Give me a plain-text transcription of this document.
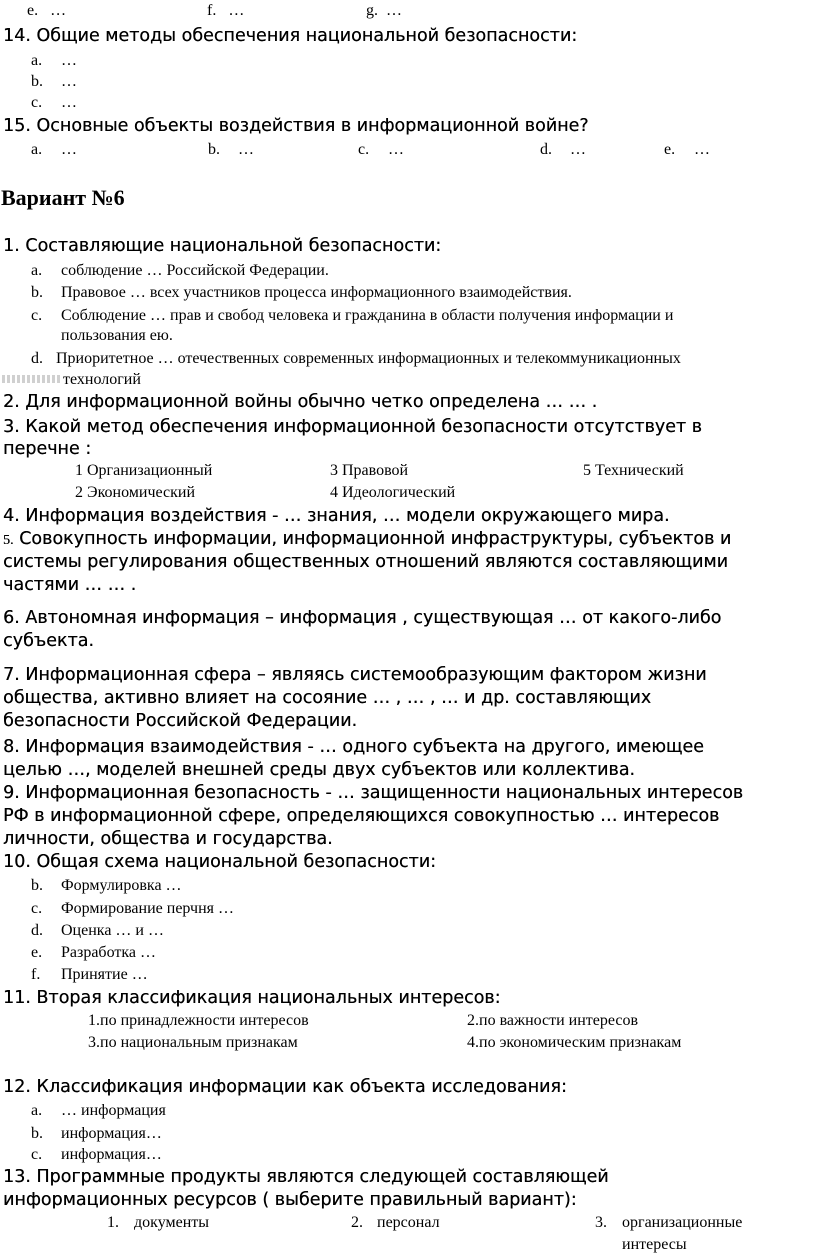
e. …	f. …	g. …
14. Общие методы обеспечения национальной безопасности:
a. …
b. …
c. …
15. Основные объекты воздействия в информационной войне?
a. …	b. …	c. …	d. …	e. …
Вариант №6
1. Составляющие национальной безопасности:
a. соблюдение … Российской Федерации.
b. Правовое … всех участников процесса информационного взаимодействия.
c. Соблюдение … прав и свобод человека и гражданина в области получения информации и
пользования ею.
d. Приоритетное … отечественных современных информационных и телекоммуникационных
технологий
2. Для информационной войны обычно четко определена … … .
3. Какой метод обеспечения информационной безопасности отсутствует в
перечне :
1 Организационный	3 Правовой	5 Технический
2 Экономический	4 Идеологический
4. Информация воздействия - … знания, … модели окружающего мира.
5. Совокупность информации, информационной инфраструктуры, субъектов и
системы регулирования общественных отношений являются составляющими
частями … … .
6. Автономная информация – информация , существующая … от какого-либо
субъекта.
7. Информационная сфера – являясь системообразующим фактором жизни
общества, активно влияет на сосояние … , … , … и др. составляющих
безопасности Российской Федерации.
8. Информация взаимодействия - … одного субъекта на другого, имеющее
целью …, моделей внешней среды двух субъектов или коллектива.
9. Информационная безопасность - … защищенности национальных интересов
РФ в информационной сфере, определяющихся совокупностью … интересов
личности, общества и государства.
10. Общая схема национальной безопасности:
b. Формулировка …
c. Формирование перчня …
d. Оценка … и …
e. Разработка …
f. Принятие …
11. Вторая классификация национальных интересов:
1.по принадлежности интересов	2.по важности интересов
3.по национальным признакам	4.по экономическим признакам
12. Классификация информации как объекта исследования:
a. … информация
b. информация…
c. информация…
13. Программные продукты являются следующей составляющей
информационных ресурсов ( выберите правильный вариант):
1. документы	2. персонал	3. организационные
интересы
